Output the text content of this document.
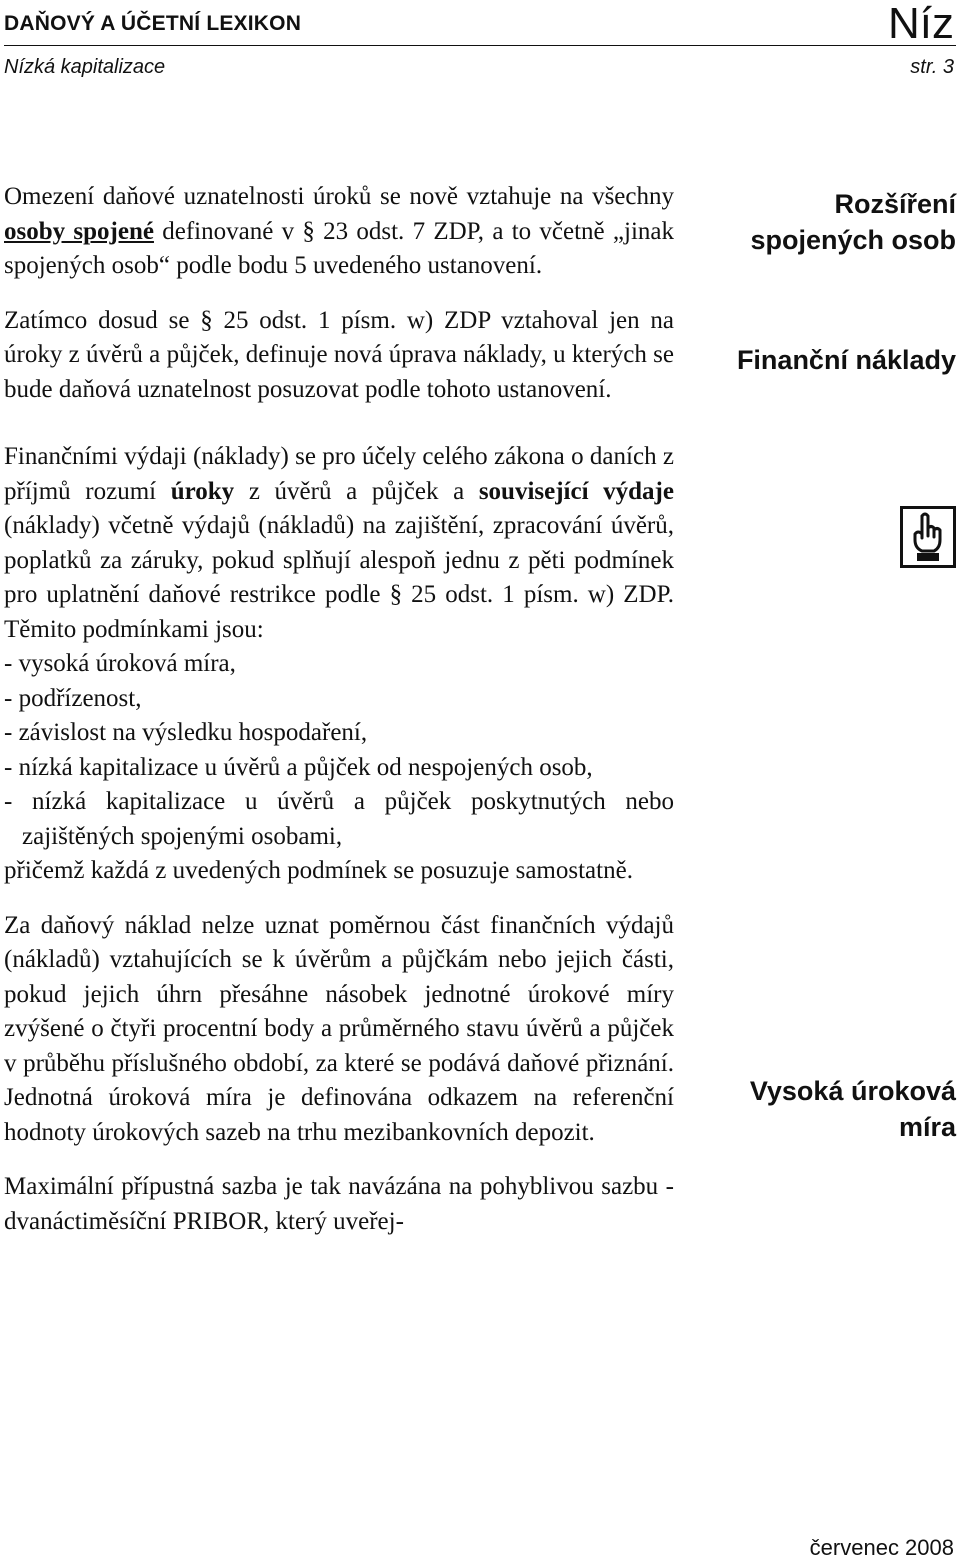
DAŇOVÝ A ÚČETNÍ LEXIKON	Níz
Nízká kapitalizace	str. 3

Omezení daňové uznatelnosti úroků se nově vztahuje na všechny osoby spojené definované v § 23 odst. 7 ZDP, a to včetně „jinak spojených osob“ podle bodu 5 uvedeného ustanovení.

Zatímco dosud se § 25 odst. 1 písm. w) ZDP vztahoval jen na úroky z úvěrů a půjček, definuje nová úprava náklady, u kterých se bude daňová uznatelnost posuzovat podle tohoto ustanovení.

Finančními výdaji (náklady) se pro účely celého zákona o daních z příjmů rozumí úroky z úvěrů a půjček a související výdaje (náklady) včetně výdajů (nákladů) na zajištění, zpracování úvěrů, poplatků za záruky, pokud splňují alespoň jednu z pěti podmínek pro uplatnění daňové restrikce podle § 25 odst. 1 písm. w) ZDP. Těmito podmínkami jsou:

- vysoká úroková míra,
- podřízenost,
- závislost na výsledku hospodaření,
- nízká kapitalizace u úvěrů a půjček od nespojených osob,
- nízká kapitalizace u úvěrů a půjček poskytnutých nebo zajištěných spojenými osobami,

přičemž každá z uvedených podmínek se posuzuje samostatně.

Za daňový náklad nelze uznat poměrnou část finančních výdajů (nákladů) vztahujících se k úvěrům a půjčkám nebo jejich části, pokud jejich úhrn přesáhne násobek jednotné úrokové míry zvýšené o čtyři procentní body a průměrného stavu úvěrů a půjček v průběhu příslušného období, za které se podává daňové přiznání. Jednotná úroková míra je definována odkazem na referenční hodnoty úrokových sazeb na trhu mezibankovních depozit.

Maximální přípustná sazba je tak navázána na pohyblivou sazbu - dvanáctiměsíční PRIBOR, který uveřej-

Rozšíření spojených osob
Finanční náklady
Vysoká úroková míra
červenec 2008
